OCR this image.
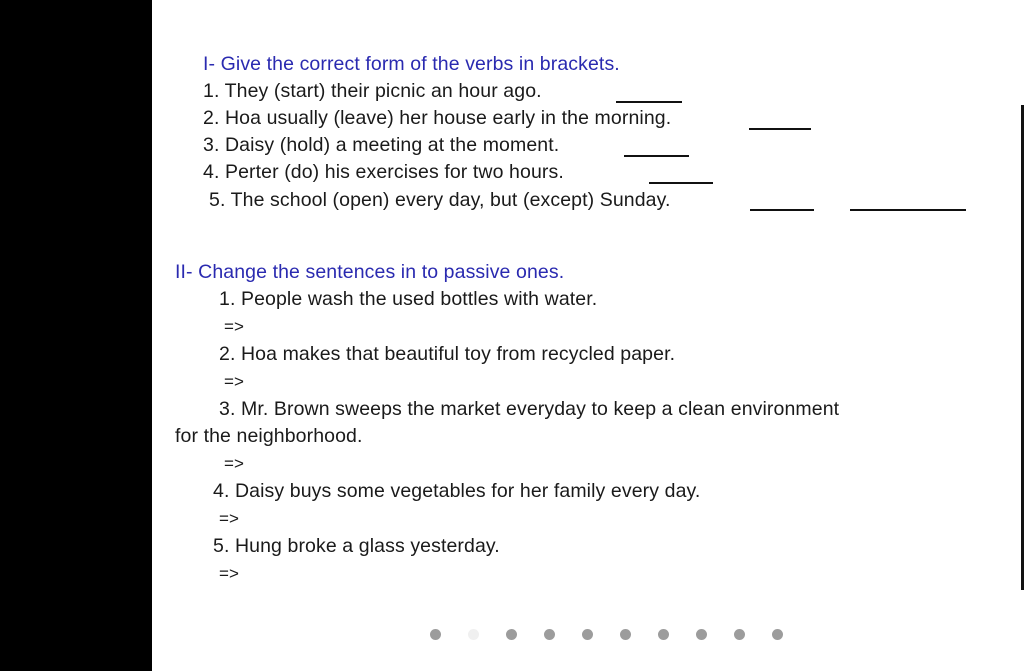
I- Give the correct form of the verbs in brackets.
1. They (start) their picnic an hour ago.
2. Hoa usually (leave) her house early in the morning.
3. Daisy (hold) a meeting at the moment.
4. Perter (do) his exercises for two hours.
5. The school (open) every day, but (except) Sunday.
II- Change the sentences in to passive ones.
1. People wash the used bottles with water.
=>
2. Hoa makes that beautiful toy from recycled paper.
=>
3. Mr. Brown sweeps the market everyday to keep a clean environment
for the neighborhood.
=>
4. Daisy buys some vegetables for her family every day.
=>
5. Hung broke a glass yesterday.
=>
